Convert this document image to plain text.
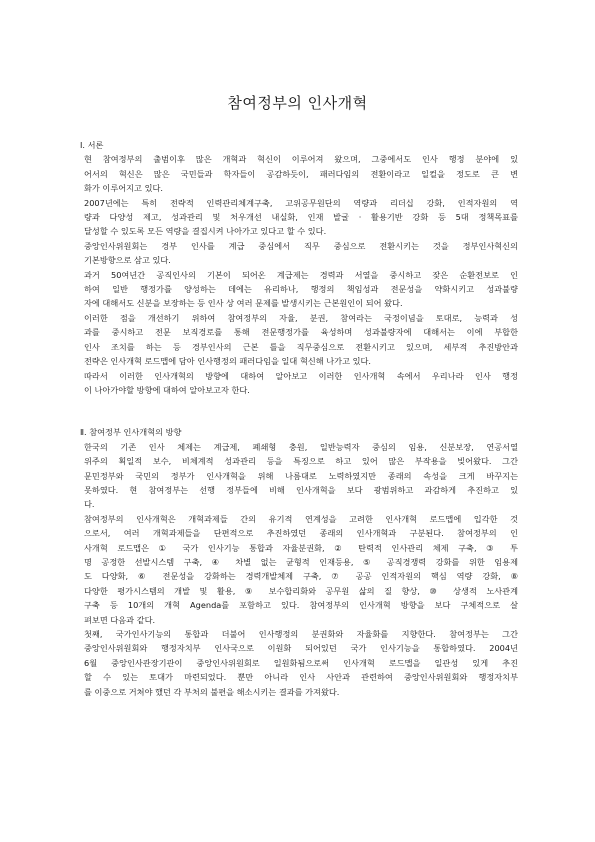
참여정부의 인사개혁
Ⅰ. 서론
현 참여정부의 출범이후 많은 개혁과 혁신이 이루어져 왔으며, 그중에서도 인사 행정 분야에 있
어서의 혁신은 많은 국민들과 학자들이 공감하듯이, 패러다임의 전환이라고 일컬을 정도로 큰 변
화가 이루어지고 있다.
2007년에는 특히 전략적 인력관리체계구축, 고위공무원단의 역량과 리더십 강화, 인적자원의 역
량과 다양성 제고, 성과관리 및 처우개선 내실화, 인재 발굴 · 활용기반 강화 등 5대 정책목표를
달성할 수 있도록 모든 역량을 결집시켜 나아가고 있다고 할 수 있다.
중앙인사위원회는 경부 인사를 계급 중심에서 직무 중심으로 전환시키는 것을 정부인사혁신의
기본방향으로 삼고 있다.
과거 50여년간 공직인사의 기본이 되어온 계급제는 경력과 서열을 중시하고 잦은 순환전보로 인
하여 일반 행정가를 양성하는 데에는 유리하나, 행정의 책임성과 전문성을 약화시키고 성과불량
자에 대해서도 신분을 보장하는 등 인사 상 여러 문제를 발생시키는 근본원인이 되어 왔다.
이러한 점을 개선하기 위하여 참여정부의 자율, 분권, 참여라는 국정이념을 토대로, 능력과 성
과를 중시하고 전문 보직경로를 통해 전문행정가를 육성하며 성과불량자에 대해서는 이에 부합한
인사 조치를 하는 등 경부인사의 근본 틀을 직무중심으로 전환시키고 있으며, 세부적 추진방안과
전략은 인사개혁 로드맵에 담아 인사행정의 패러다임을 일대 혁신해 나가고 있다.
따라서 이러한 인사개혁의 방향에 대하여 알아보고 이러한 인사개혁 속에서 우리나라 인사 행정
이 나아가야할 방향에 대하여 알아보고자 한다.
Ⅱ. 참여정부 인사개혁의 방향
한국의 기존 인사 체제는 계급제, 폐쇄형 충원, 일반능력자 중심의 임용, 신분보장, 연공서열
위주의 획일적 보수, 비체계적 성과관리 등을 특징으로 하고 있어 많은 부작용을 빚어왔다. 그간
문민정부와 국민의 정부가 인사개혁을 위해 나름대로 노력하였지만 종래의 속성을 크게 바꾸지는
못하였다. 현 참여정부는 선행 정부들에 비해 인사개혁을 보다 광범위하고 과감하게 추진하고 있
다.
참여정부의 인사개혁은 개혁과제들 간의 유기적 연계성을 고려한 인사개혁 로드맵에 입각한 것
으로서, 여러 개혁과제들을 단편적으로 추진하였던 종래의 인사개혁과 구분된다. 참여정부의 인
사개혁 로드맵은 ① 국가 인사기능 통합과 자율분권화, ② 탄력적 인사관리 체제 구축, ③ 투
명 공정한 선발시스템 구축, ④ 차별 없는 균형적 인재등용, ⑤ 공직경쟁력 강화를 위한 임용제
도 다양화, ⑥ 전문성을 강화하는 경력개발체제 구축, ⑦ 공공 인적자원의 핵심 역량 강화, ⑧
다양한 평가시스템의 개발 및 활용, ⑨ 보수합리화와 공무원 삶의 질 향상, ⑩ 상생적 노사관계
구축 등 10개의 개혁 Agenda를 포함하고 있다. 참여정부의 인사개혁 방향을 보다 구체적으로 살
펴보면 다음과 같다.
첫째, 국가인사기능의 통합과 더불어 인사행정의 분권화와 자율화를 지향한다. 참여정부는 그간
중앙인사위원회와 행정자치부 인사국으로 이원화 되어있던 국가 인사기능을 통합하였다. 2004년
6월 중앙인사관장기관이 중앙인사위원회로 일원화됨으로써 인사개혁 로드맵을 일관성 있게 추진
할 수 있는 토대가 마련되었다. 뿐만 아니라 인사 사안과 관련하여 중앙인사위원회와 행정자치부
를 이중으로 거쳐야 했던 각 부처의 불편을 해소시키는 결과를 가져왔다.
